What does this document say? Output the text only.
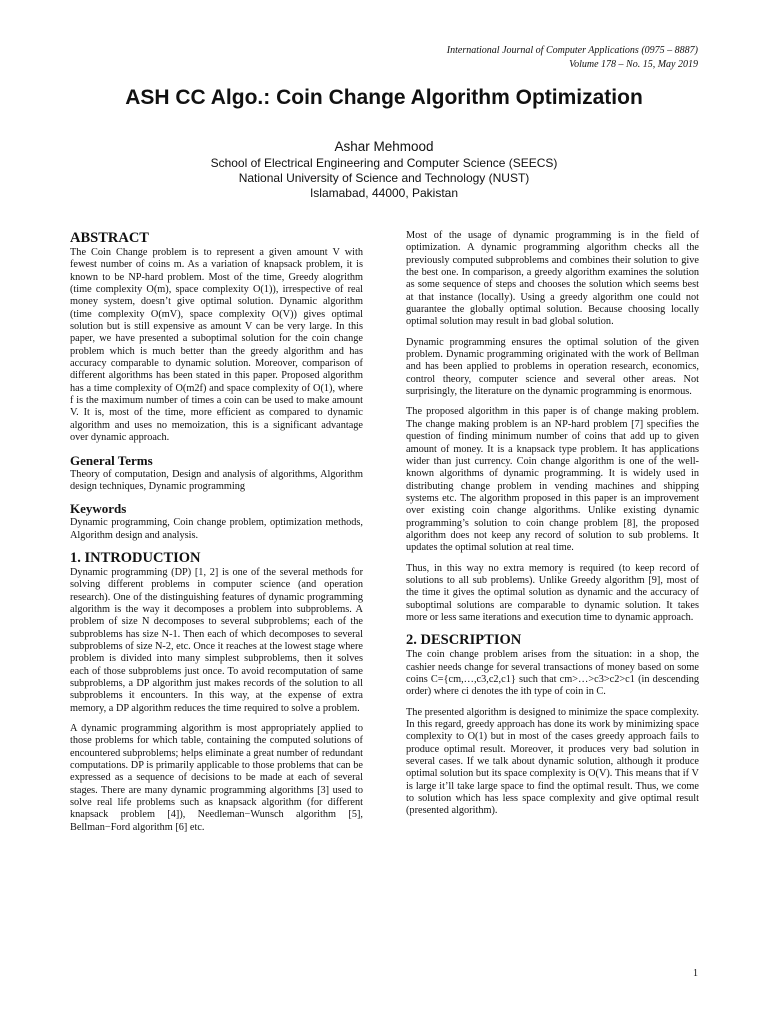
International Journal of Computer Applications (0975 – 8887)
Volume 178 – No. 15, May 2019
ASH CC Algo.: Coin Change Algorithm Optimization
Ashar Mehmood
School of Electrical Engineering and Computer Science (SEECS)
National University of Science and Technology (NUST)
Islamabad, 44000, Pakistan
ABSTRACT

The Coin Change problem is to represent a given amount V with fewest number of coins m. As a variation of knapsack problem, it is known to be NP-hard problem. Most of the time, Greedy alogrithm (time complexity O(m), space complexity O(1)), irrespective of real money system, doesn’t give optimal solution. Dynamic algorithm (time complexity O(mV), space complexity O(V)) gives optimal solution but is still expensive as amount V can be very large. In this paper, we have presented a suboptimal solution for the coin change problem which is much better than the greedy algorithm and has accuracy comparable to dynamic solution. Moreover, comparison of different algorithms has been stated in this paper. Proposed algorithm has a time complexity of O(m2f) and space complexity of O(1), where f is the maximum number of times a coin can be used to make amount V. It is, most of the time, more efficient as compared to dynamic algorithm and uses no memoization, this is a significant advantage over dynamic approach.

General Terms

Theory of computation, Design and analysis of algorithms, Algorithm design techniques, Dynamic programming

Keywords

Dynamic programming, Coin change problem, optimization methods, Algorithm design and analysis.

1. INTRODUCTION

Dynamic programming (DP) [1, 2] is one of the several methods for solving different problems in computer science (and operation research). One of the distinguishing features of dynamic programming algorithm is the way it decomposes a problem into subproblems. A problem of size N decomposes to several subproblems; each of the subproblems has size N-1. Then each of which decomposes to several subproblems of size N-2, etc. Once it reaches at the lowest stage where problem is divided into many simplest subproblems, then it solves each of those subproblems just once. To avoid recomputation of same subproblems, a DP algorithm just makes records of the solution to all subproblems it encounters. In this way, at the expense of extra memory, a DP algorithm reduces the time required to solve a problem.

A dynamic programming algorithm is most appropriately applied to those problems for which table, containing the computed solutions of encountered subproblems; helps eliminate a great number of redundant computations. DP is primarily applicable to those problems that can be expressed as a sequence of decisions to be made at each of several stages. There are many dynamic programming algorithms [3] used to solve real life problems such as knapsack algorithm (for different knapsack problem [4]), Needleman−Wunsch algorithm [5], Bellman−Ford algorithm [6] etc.

Most of the usage of dynamic programming is in the field of optimization. A dynamic programming algorithm checks all the previously computed subproblems and combines their solution to give the best one. In comparison, a greedy algorithm examines the solution as some sequence of steps and chooses the solution which seems best at that instance (locally). Using a greedy algorithm one could not guarantee the globally optimal solution. Because choosing locally optimal solution may result in bad global solution.

Dynamic programming ensures the optimal solution of the given problem. Dynamic programming originated with the work of Bellman and has been applied to problems in operation research, economics, control theory, computer science and several other areas. Not surprisingly, the literature on the dynamic programming is enormous.

The proposed algorithm in this paper is of change making problem. The change making problem is an NP-hard problem [7] specifies the question of finding minimum number of coins that add up to given amount of money. It is a knapsack type problem. It has applications wider than just currency. Coin change algorithm is one of the well-known algorithms of dynamic programming. It is widely used in distributing change problem in vending machines and shipping systems etc. The algorithm proposed in this paper is an improvement over existing coin change algorithms. Unlike existing dynamic programming’s solution to coin change problem [8], the proposed algorithm does not keep any record of solution to sub problems. It updates the optimal solution at real time.

Thus, in this way no extra memory is required (to keep record of solutions to all sub problems). Unlike Greedy algorithm [9], most of the time it gives the optimal solution as dynamic and the accuracy of suboptimal solutions are comparable to dynamic solution. It takes more or less same iterations and execution time to dynamic approach.

2. DESCRIPTION

The coin change problem arises from the situation: in a shop, the cashier needs change for several transactions of money based on some coins C={cm,…,c3,c2,c1} such that cm>…>c3>c2>c1 (in descending order) where ci denotes the ith type of coin in C.

The presented algorithm is designed to minimize the space complexity. In this regard, greedy approach has done its work by minimizing space complexity to O(1) but in most of the cases greedy approach fails to produce optimal result. Moreover, it produces very bad solution in several cases. If we talk about dynamic solution, although it produce optimal solution but its space complexity is O(V). This means that if V is large it’ll take large space to find the optimal result. Thus, we come to solution which has less space complexity and give optimal result (presented algorithm).

1
